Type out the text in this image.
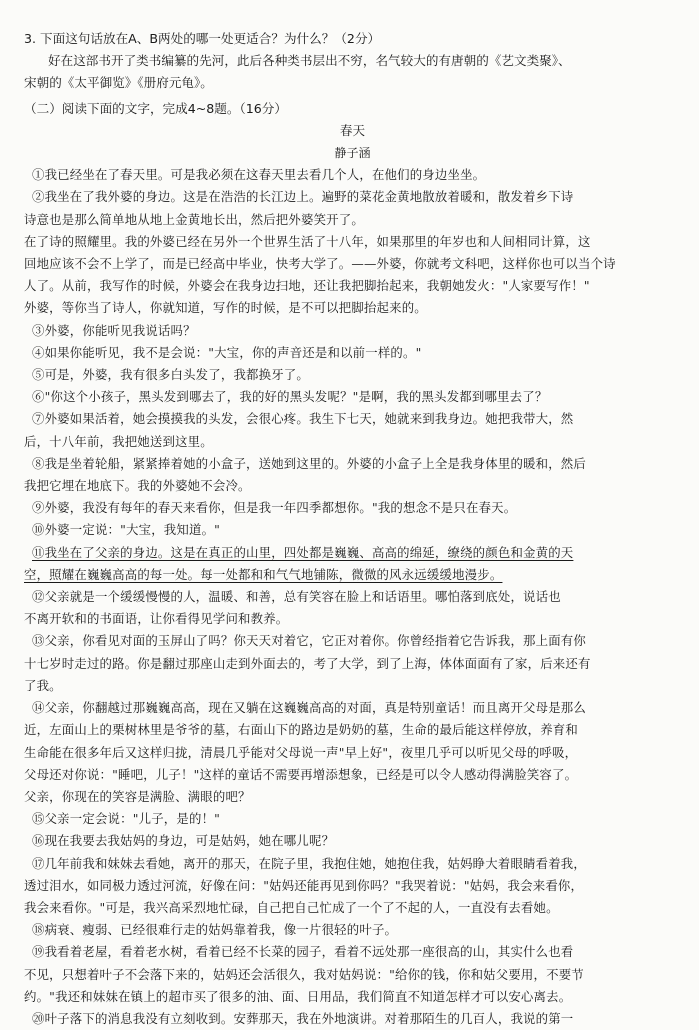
3. 下面这句话放在A、B两处的哪一处更适合？为什么？（2分）
好在这部书开了类书编纂的先河，此后各种类书层出不穷，名气较大的有唐朝的《艺文类聚》、
宋朝的《太平御览》《册府元龟》。
（二）阅读下面的文字，完成4~8题。（16分）
春天
静子涵
①我已经坐在了春天里。可是我必须在这春天里去看几个人，在他们的身边坐坐。
②我坐在了我外婆的身边。这是在浩浩的长江边上。遍野的菜花金黄地散放着暖和，散发着乡下诗
诗意也是那么简单地从地上金黄地长出，然后把外婆笑开了。
在了诗的照耀里。我的外婆已经在另外一个世界生活了十八年，如果那里的年岁也和人间相同计算，这
回地应该不会不上学了，而是已经高中毕业，快考大学了。——外婆，你就考文科吧，这样你也可以当个诗
人了。从前，我写作的时候，外婆会在我身边扫地，还让我把脚抬起来，我朝她发火："人家要写作！"
外婆，等你当了诗人，你就知道，写作的时候，是不可以把脚抬起来的。
③外婆，你能听见我说话吗？
④如果你能听见，我不是会说："大宝，你的声音还是和以前一样的。"
⑤可是，外婆，我有很多白头发了，我都换牙了。
⑥"你这个小孩子，黑头发到哪去了，我的好的黑头发呢？"是啊，我的黑头发都到哪里去了？
⑦外婆如果活着，她会摸摸我的头发，会很心疼。我生下七天，她就来到我身边。她把我带大，然
后，十八年前，我把她送到这里。
⑧我是坐着轮船，紧紧捧着她的小盒子，送她到这里的。外婆的小盒子上全是我身体里的暖和，然后
我把它埋在地底下。我的外婆她不会冷。
⑨外婆，我没有每年的春天来看你，但是我一年四季都想你。"我的想念不是只在春天。
⑩外婆一定说："大宝，我知道。"
⑪我坐在了父亲的身边。这是在真正的山里，四处都是巍巍、高高的绵延，缭绕的颜色和金黄的天
空，照耀在巍巍高高的每一处。每一处都和和气气地铺陈，微微的风永远缓缓地漫步。
⑫父亲就是一个缓缓慢慢的人，温暖、和善，总有笑容在脸上和话语里。哪怕落到底处，说话也
不离开软和的书面语，让你看得见学问和教养。
⑬父亲，你看见对面的玉屏山了吗？你天天对着它，它正对着你。你曾经指着它告诉我，那上面有你
十七岁时走过的路。你是翻过那座山走到外面去的，考了大学，到了上海，体体面面有了家，后来还有
了我。
⑭父亲，你翻越过那巍巍高高，现在又躺在这巍巍高高的对面，真是特别童话！而且离开父母是那么
近，左面山上的栗树林里是爷爷的墓，右面山下的路边是奶奶的墓，生命的最后能这样停放，养育和
生命能在很多年后又这样归拢，清晨几乎能对父母说一声"早上好"，夜里几乎可以听见父母的呼吸，
父母还对你说："睡吧，儿子！"这样的童话不需要再增添想象，已经是可以令人感动得满脸笑容了。
父亲，你现在的笑容是满脸、满眼的吧？
⑮父亲一定会说："儿子，是的！"
⑯现在我要去我姑妈的身边，可是姑妈，她在哪儿呢？
⑰几年前我和妹妹去看她，离开的那天，在院子里，我抱住她，她抱住我，姑妈睁大着眼睛看着我，
透过泪水，如同极力透过河流，好像在问："姑妈还能再见到你吗？"我哭着说："姑妈，我会来看你，
我会来看你。"可是，我兴高采烈地忙碌，自己把自己忙成了一个了不起的人，一直没有去看她。
⑱病衰、瘦弱、已经很难行走的姑妈靠着我，像一片很轻的叶子。
⑲我看着老屋，看着老水树，看着已经不长菜的园子，看着不远处那一座很高的山，其实什么也看
不见，只想着叶子不会落下来的，姑妈还会活很久，我对姑妈说："给你的钱，你和姑父要用，不要节
约。"我还和妹妹在镇上的超市买了很多的油、面、日用品，我们简直不知道怎样才可以安心离去。
⑳叶子落下的消息我没有立刻收到。安葬那天，我在外地演讲。对着那陌生的几百人，我说的第一
